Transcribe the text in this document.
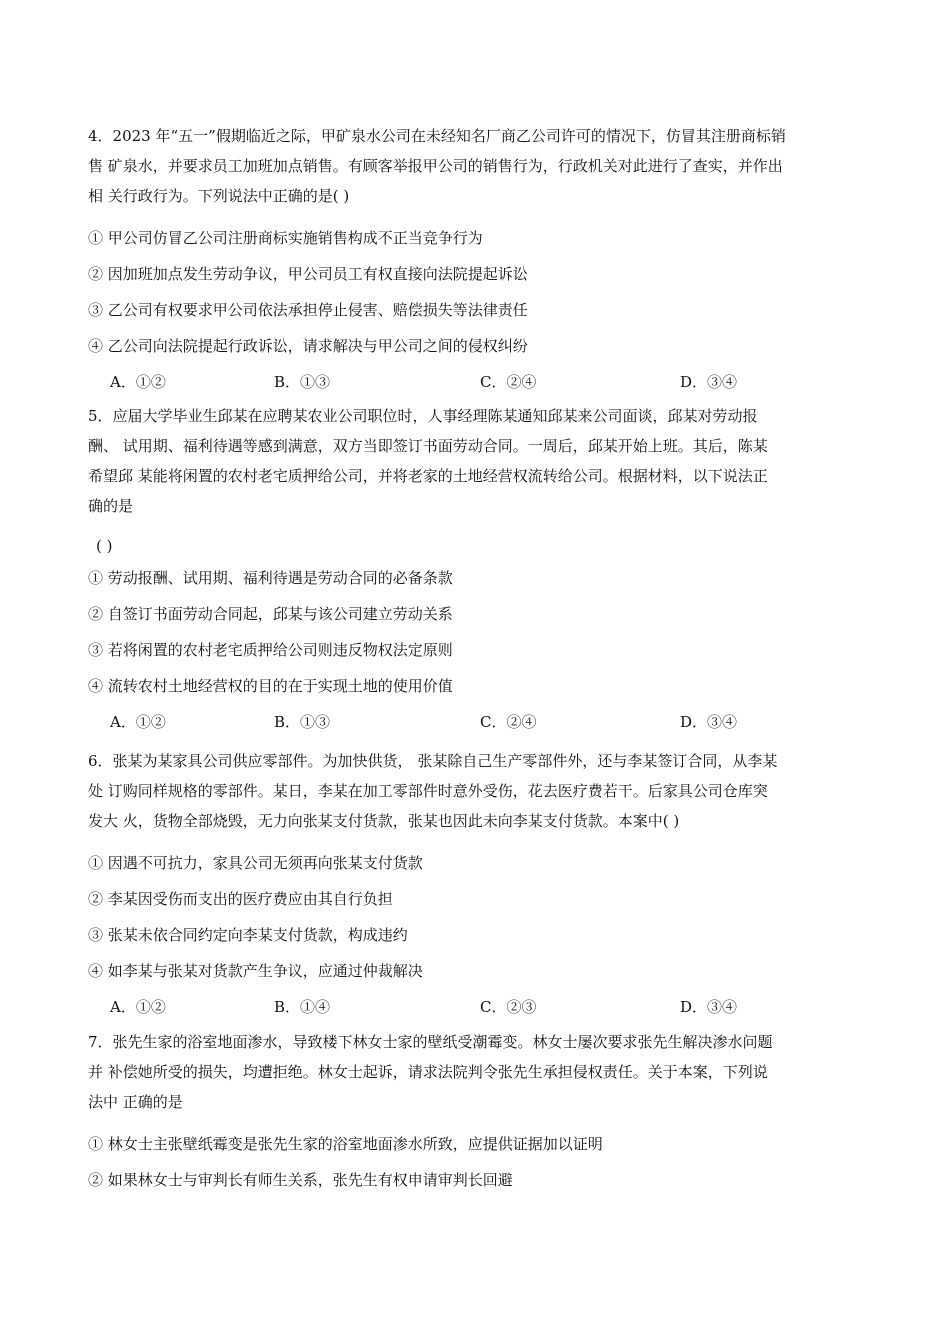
4．2023 年“五一”假期临近之际，甲矿泉水公司在未经知名厂商乙公司许可的情况下，仿冒其注册商标销
售 矿泉水，并要求员工加班加点销售。有顾客举报甲公司的销售行为，行政机关对此进行了查实，并作出
相 关行政行为。下列说法中正确的是( )

① 甲公司仿冒乙公司注册商标实施销售构成不正当竞争行为

② 因加班加点发生劳动争议，甲公司员工有权直接向法院提起诉讼

③ 乙公司有权要求甲公司依法承担停止侵害、赔偿损失等法律责任

④ 乙公司向法院提起行政诉讼，请求解决与甲公司之间的侵权纠纷

A．①②	B．①③	C．②④	D．③④

5．应届大学毕业生邱某在应聘某农业公司职位时，人事经理陈某通知邱某来公司面谈，邱某对劳动报
酬、 试用期、福利待遇等感到满意，双方当即签订书面劳动合同。一周后，邱某开始上班。其后，陈某
希望邱 某能将闲置的农村老宅质押给公司，并将老家的土地经营权流转给公司。根据材料，以下说法正
确的是

( )

① 劳动报酬、试用期、福利待遇是劳动合同的必备条款

② 自签订书面劳动合同起，邱某与该公司建立劳动关系

③ 若将闲置的农村老宅质押给公司则违反物权法定原则

④ 流转农村土地经营权的目的在于实现土地的使用价值

A．①②	B．①③	C．②④	D．③④

6．张某为某家具公司供应零部件。为加快供货， 张某除自己生产零部件外，还与李某签订合同，从李某
处 订购同样规格的零部件。某日，李某在加工零部件时意外受伤，花去医疗费若干。后家具公司仓库突
发大 火，货物全部烧毁，无力向张某支付货款，张某也因此未向李某支付货款。本案中( )

① 因遇不可抗力，家具公司无须再向张某支付货款

② 李某因受伤而支出的医疗费应由其自行负担

③ 张某未依合同约定向李某支付货款，构成违约

④ 如李某与张某对货款产生争议，应通过仲裁解决

A．①②	B．①④	C．②③	D．③④

7．张先生家的浴室地面渗水，导致楼下林女士家的壁纸受潮霉变。林女士屡次要求张先生解决渗水问题
并 补偿她所受的损失，均遭拒绝。林女士起诉，请求法院判令张先生承担侵权责任。关于本案，下列说
法中 正确的是

① 林女士主张壁纸霉变是张先生家的浴室地面渗水所致，应提供证据加以证明

② 如果林女士与审判长有师生关系，张先生有权申请审判长回避
